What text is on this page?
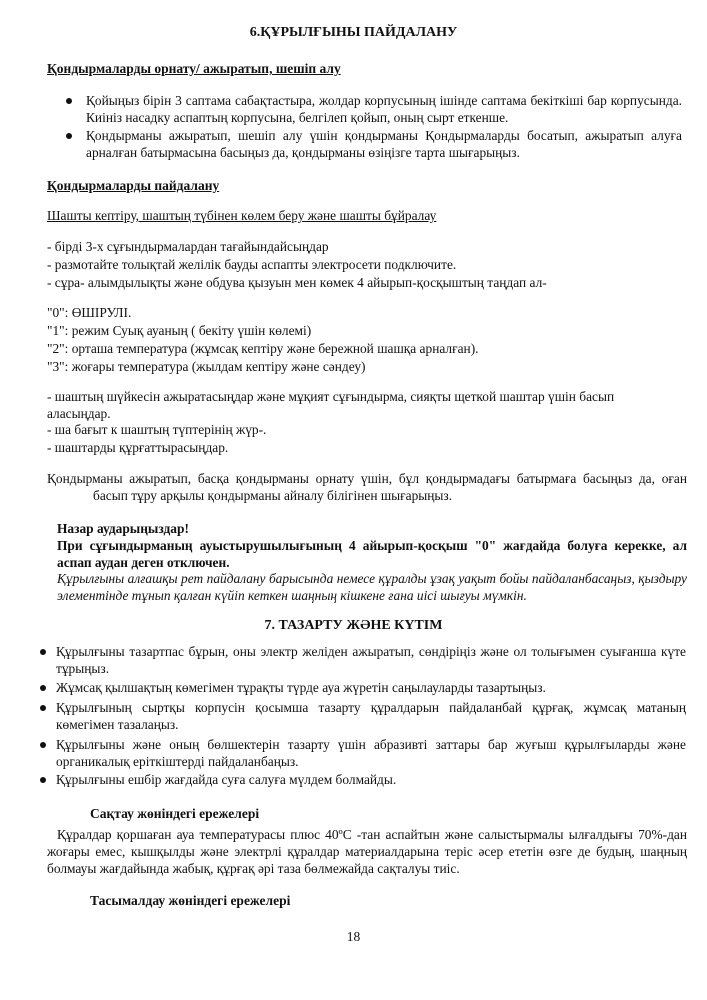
6.ҚҰРЫЛҒЫНЫ ПАЙДАЛАНУ
Қондырмаларды орнату/ ажыратып, шешіп алу
Қойыңыз бірін 3 саптама сабақтастыра, жолдар корпусының ішінде саптама бекіткіші бар корпусында. Киініз насадку аспаптың корпусына, белгілеп қойып, оның сырт еткенше.
Қондырманы ажыратып, шешіп алу үшін қондырманы Қондырмаларды босатып, ажыратып алуға арналған батырмасына басыңыз да, қондырманы өзіңізге тарта шығарыңыз.
Қондырмаларды пайдалану
Шашты кептіру, шаштың түбінен көлем беру және шашты бұйралау
- бірді 3-х сұғындырмалардан тағайындайсыңдар
- размотайте толықтай желілік бауды аспапты электросети подключите.
- сұра- алымдылықты және обдува қызуын мен көмек 4 айырып-қосқыштың таңдап ал-
"0": ӨШІРУЛІ.
"1": режим Суық ауаның ( бекіту үшін көлемі)
"2": орташа температура (жұмсақ кептіру және бережной шашқа арналған).
"3": жоғары температура (жылдам кептіру және сәндеу)
- шаштың шүйкесін ажыратасыңдар және мұқият сұғындырма, сияқты щеткой шаштар үшін басып аласыңдар.
- ша бағыт к шаштың түптерінің жүр-.
- шаштарды құрғаттырасыңдар.
Қондырманы ажыратып, басқа қондырманы орнату үшін, бұл қондырмадағы батырмаға басыңыз да, оған басып тұру арқылы қондырманы айналу білігінен шығарыңыз.
Назар аударыңыздар!
При сұғындырманың ауыстырушылығының 4 айырып-қосқыш "0" жағдайда болуға керекке, ал аспап аудан деген отключен.
Құрылғыны алғашқы рет пайдалану барысында немесе құралды ұзақ уақыт бойы пайдаланбасаңыз, қыздыру элементінде тұнып қалған күйіп кеткен шаңның кішкене ғана иісі шығуы мүмкін.
7. ТАЗАРТУ ЖӘНЕ КҮТІМ
Құрылғыны тазартпас бұрын, оны электр желіден ажыратып, сөндіріңіз және ол толығымен суығанша күте тұрыңыз.
Жұмсақ қылшақтың көмегімен тұрақты түрде ауа жүретін саңылауларды тазартыңыз.
Құрылғының сыртқы корпусін қосымша тазарту құралдарын пайдаланбай құрғақ, жұмсақ матаның көмегімен тазалаңыз.
Құрылғыны және оның бөлшектерін тазарту үшін абразивті заттары бар жуғыш құрылғыларды және органикалық еріткіштерді пайдаланбаңыз.
Құрылғыны ешбір жағдайда суға салуға мүлдем болмайды.
Сақтау жөніндегі ережелері
Құралдар қоршаған ауа температурасы плюс 40ºС -тан аспайтын және салыстырмалы ылғалдығы 70%-дан жоғары емес, кышқылды және электрлі құралдар материалдарына теріс әсер ететін өзге де будың, шаңның болмауы жағдайында жабық, құрғақ әрі таза бөлмежайда сақталуы тиіс.
Тасымалдау жөніндегі ережелері
18
